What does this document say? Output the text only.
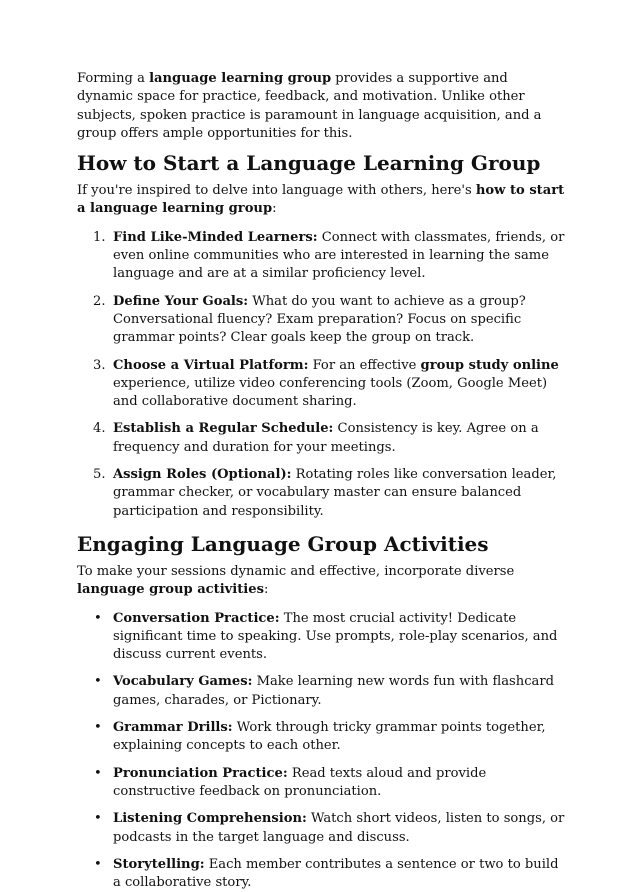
Forming a language learning group provides a supportive and dynamic space for practice, feedback, and motivation. Unlike other subjects, spoken practice is paramount in language acquisition, and a group offers ample opportunities for this.

How to Start a Language Learning Group

If you're inspired to delve into language with others, here's how to start a language learning group:

1. Find Like-Minded Learners: Connect with classmates, friends, or even online communities who are interested in learning the same language and are at a similar proficiency level.
2. Define Your Goals: What do you want to achieve as a group? Conversational fluency? Exam preparation? Focus on specific grammar points? Clear goals keep the group on track.
3. Choose a Virtual Platform: For an effective group study online experience, utilize video conferencing tools (Zoom, Google Meet) and collaborative document sharing.
4. Establish a Regular Schedule: Consistency is key. Agree on a frequency and duration for your meetings.
5. Assign Roles (Optional): Rotating roles like conversation leader, grammar checker, or vocabulary master can ensure balanced participation and responsibility.
Engaging Language Group Activities

To make your sessions dynamic and effective, incorporate diverse language group activities:

• Conversation Practice: The most crucial activity! Dedicate significant time to speaking. Use prompts, role-play scenarios, and discuss current events.
• Vocabulary Games: Make learning new words fun with flashcard games, charades, or Pictionary.
• Grammar Drills: Work through tricky grammar points together, explaining concepts to each other.
• Pronunciation Practice: Read texts aloud and provide constructive feedback on pronunciation.
• Listening Comprehension: Watch short videos, listen to songs, or podcasts in the target language and discuss.
• Storytelling: Each member contributes a sentence or two to build a collaborative story.
